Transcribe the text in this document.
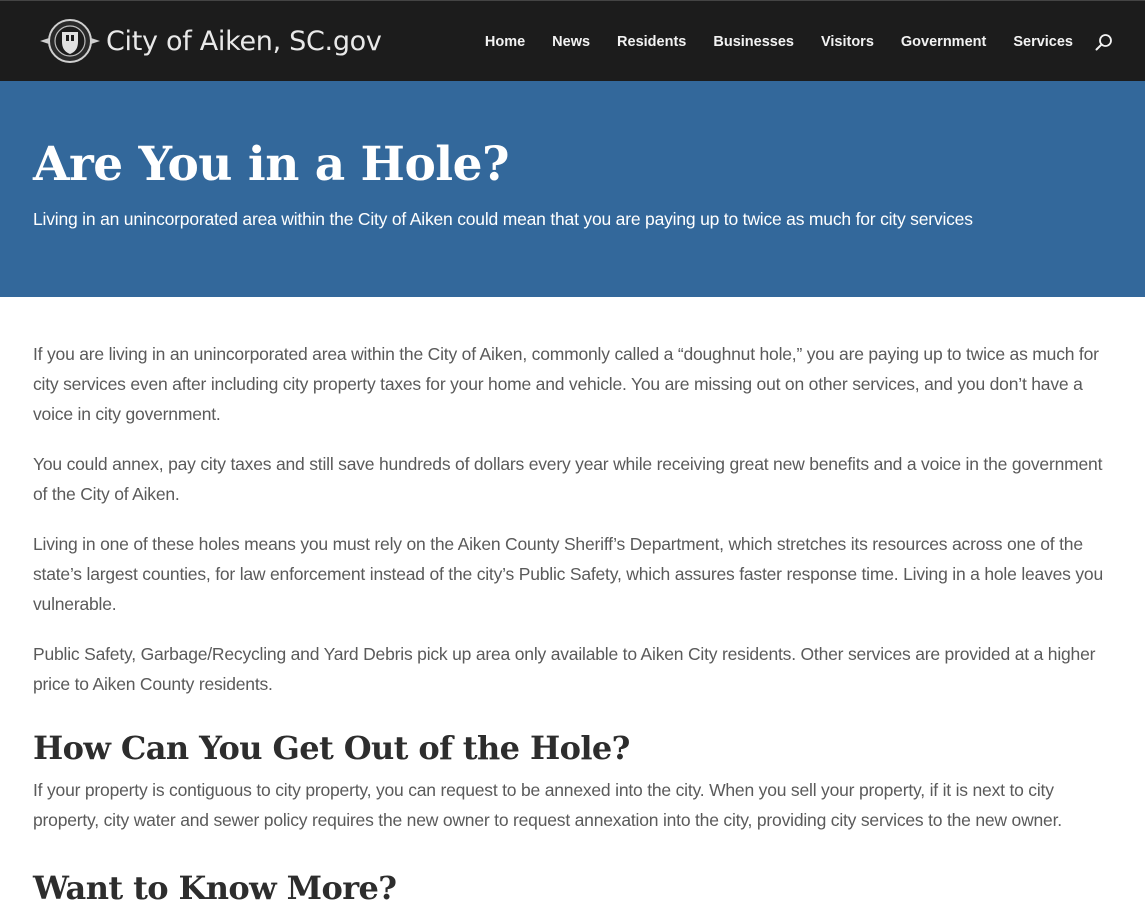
City of Aiken, SC.gov	Home News Residents Businesses Visitors Government Services
Are You in a Hole?
Living in an unincorporated area within the City of Aiken could mean that you are paying up to twice as much for city services

If you are living in an unincorporated area within the City of Aiken, commonly called a “doughnut hole,” you are paying up to twice as much for city services even after including city property taxes for your home and vehicle. You are missing out on other services, and you don’t have a voice in city government.

You could annex, pay city taxes and still save hundreds of dollars every year while receiving great new benefits and a voice in the government of the City of Aiken.

Living in one of these holes means you must rely on the Aiken County Sheriff’s Department, which stretches its resources across one of the state’s largest counties, for law enforcement instead of the city’s Public Safety, which assures faster response time. Living in a hole leaves you vulnerable.

Public Safety, Garbage/Recycling and Yard Debris pick up area only available to Aiken City residents. Other services are provided at a higher price to Aiken County residents.

How Can You Get Out of the Hole?

If your property is contiguous to city property, you can request to be annexed into the city. When you sell your property, if it is next to city property, city water and sewer policy requires the new owner to request annexation into the city, providing city services to the new owner.

Want to Know More?
